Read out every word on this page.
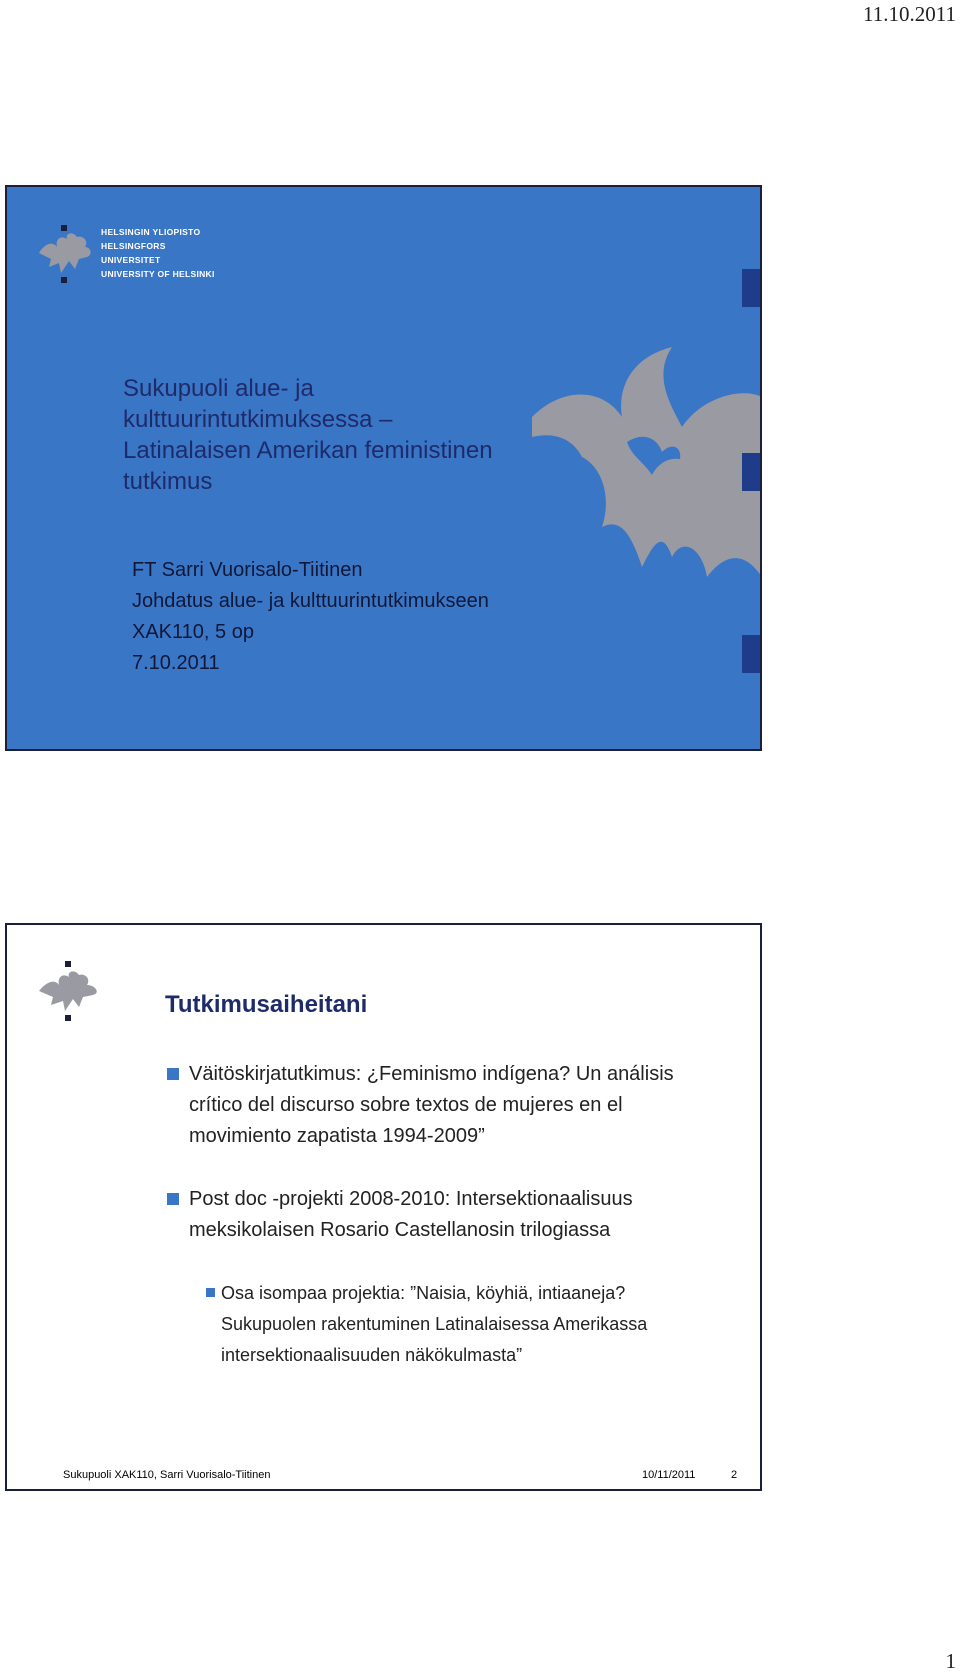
11.10.2011
HELSINGIN YLIOPISTO
HELSINGFORS UNIVERSITET
UNIVERSITY OF HELSINKI
Sukupuoli alue- ja
kulttuurintutkimuksessa –
Latinalaisen Amerikan feministinen
tutkimus
FT Sarri Vuorisalo-Tiitinen
Johdatus alue- ja kulttuurintutkimukseen
XAK110, 5 op
7.10.2011
Tutkimusaiheitani
Väitöskirjatutkimus: ¿Feminismo indígena? Un análisis
crítico del discurso sobre textos de mujeres en el
movimiento zapatista 1994-2009”
Post doc -projekti 2008-2010: Intersektionaalisuus
meksikolaisen Rosario Castellanosin trilogiassa
Osa isompaa projektia: ”Naisia, köyhiä, intiaaneja?
Sukupuolen rakentuminen Latinalaisessa Amerikassa
intersektionaalisuuden näkökulmasta”
Sukupuoli XAK110, Sarri Vuorisalo-Tiitinen	10/11/2011	2
1
